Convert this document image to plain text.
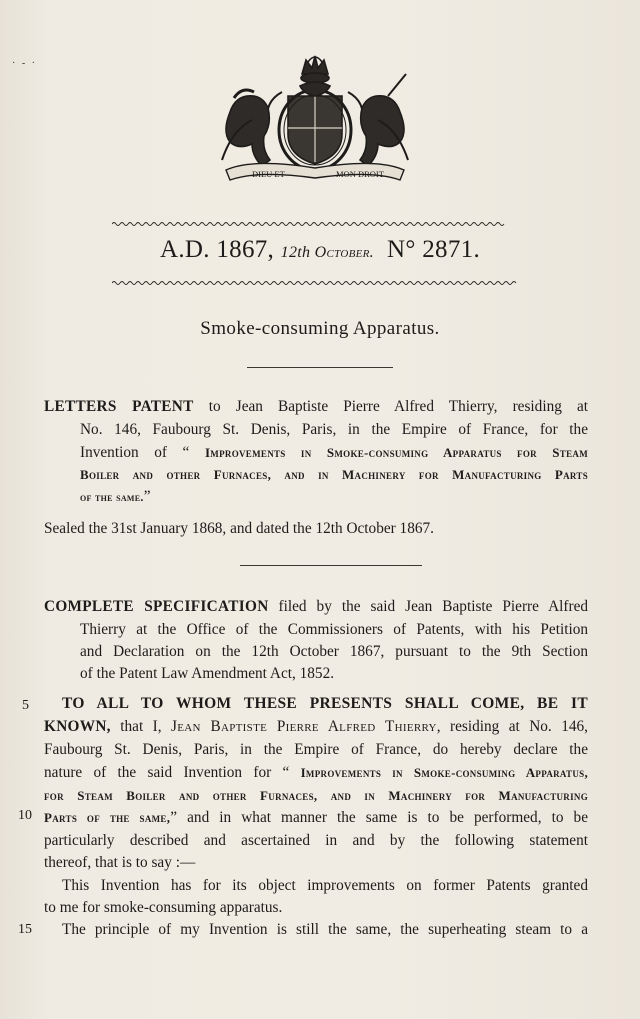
· ‑ ·
DIEU ET	MON DROIT
A.D. 1867, 12th October. N° 2871.
Smoke-consuming Apparatus.
LETTERS PATENT to Jean Baptiste Pierre Alfred Thierry, residing at
No. 146, Faubourg St. Denis, Paris, in the Empire of France, for the
Invention of “ Improvements in Smoke-consuming Apparatus for Steam
Boiler and other Furnaces, and in Machinery for Manufacturing Parts
of the same.”
Sealed the 31st January 1868, and dated the 12th October 1867.
COMPLETE SPECIFICATION filed by the said Jean Baptiste Pierre Alfred
Thierry at the Office of the Commissioners of Patents, with his Petition
and Declaration on the 12th October 1867, pursuant to the 9th Section
of the Patent Law Amendment Act, 1852.
5
10
15
TO ALL TO WHOM THESE PRESENTS SHALL COME, BE IT
KNOWN, that I, Jean Baptiste Pierre Alfred Thierry, residing at No. 146,
Faubourg St. Denis, Paris, in the Empire of France, do hereby declare the
nature of the said Invention for “ Improvements in Smoke-consuming Apparatus,
for Steam Boiler and other Furnaces, and in Machinery for Manufacturing
Parts of the same,” and in what manner the same is to be performed, to be
particularly described and ascertained in and by the following statement
thereof, that is to say :—
This Invention has for its object improvements on former Patents granted
to me for smoke-consuming apparatus.
The principle of my Invention is still the same, the superheating steam to a
